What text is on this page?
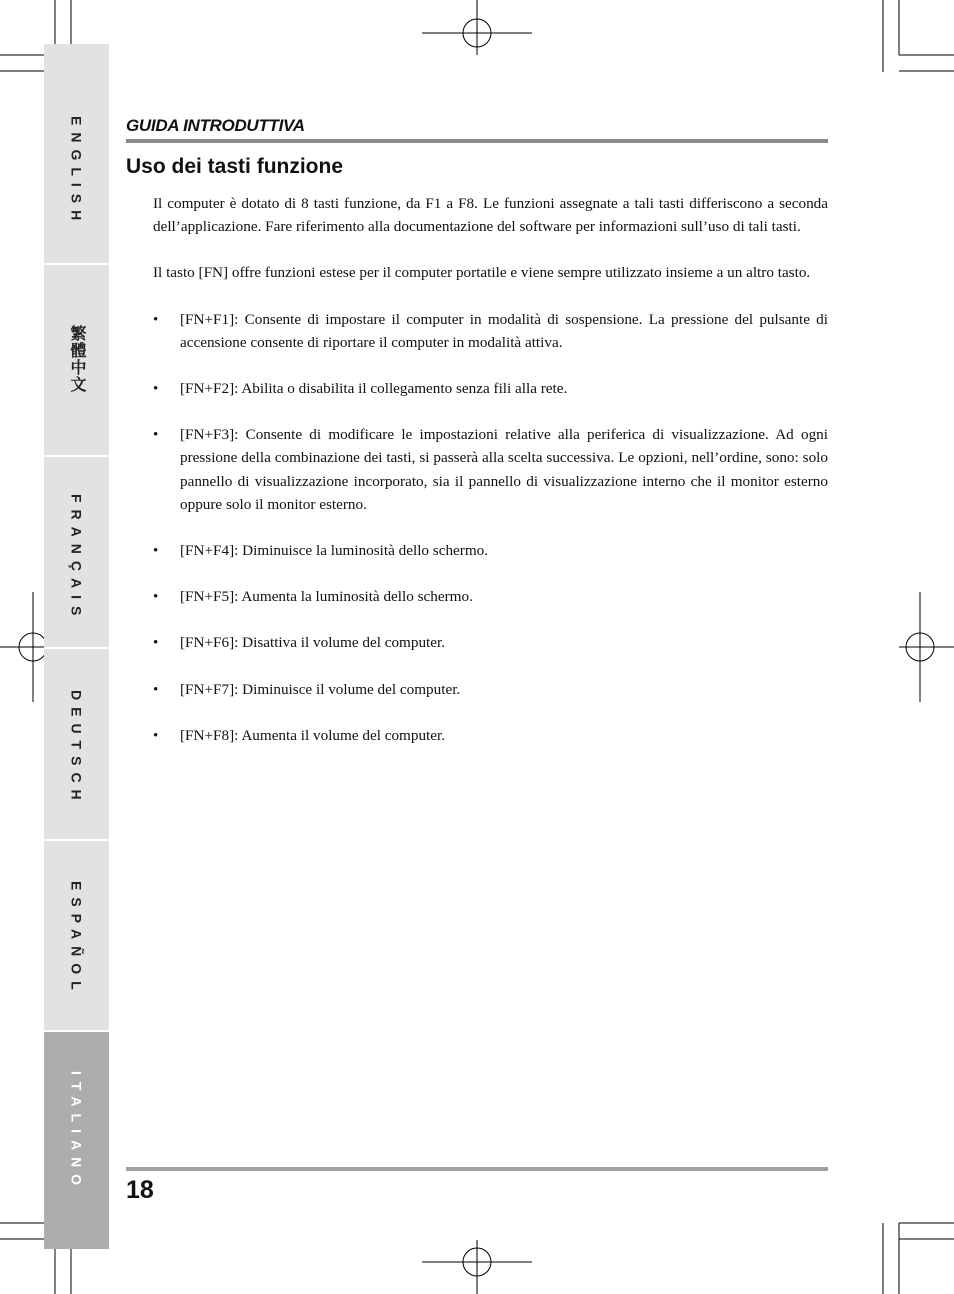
ENGLISH
繁體中文
FRANÇAIS
DEUTSCH
ESPAÑOL
ITALIANO
GUIDA INTRODUTTIVA
Uso dei tasti funzione

Il computer è dotato di 8 tasti funzione, da F1 a F8. Le funzioni assegnate a tali tasti differiscono a seconda dell’applicazione. Fare riferimento alla documentazione del software per informazioni sull’uso di tali tasti.

Il tasto [FN] offre funzioni estese per il computer portatile e viene sempre utilizzato insieme a un altro tasto.

• [FN+F1]: Consente di impostare il computer in modalità di sospensione. La pressione del pulsante di accensione consente di riportare il computer in modalità attiva.
• [FN+F2]: Abilita o disabilita il collegamento senza fili alla rete.
• [FN+F3]: Consente di modificare le impostazioni relative alla periferica di visualizzazione. Ad ogni pressione della combinazione dei tasti, si passerà alla scelta successiva. Le opzioni, nell’ordine, sono: solo pannello di visualizzazione incorporato, sia il pannello di visualizzazione interno che il monitor esterno oppure solo il monitor esterno.
• [FN+F4]: Diminuisce la luminosità dello schermo.
• [FN+F5]: Aumenta la luminosità dello schermo.
• [FN+F6]: Disattiva il volume del computer.
• [FN+F7]: Diminuisce il volume del computer.
• [FN+F8]: Aumenta il volume del computer.
18
